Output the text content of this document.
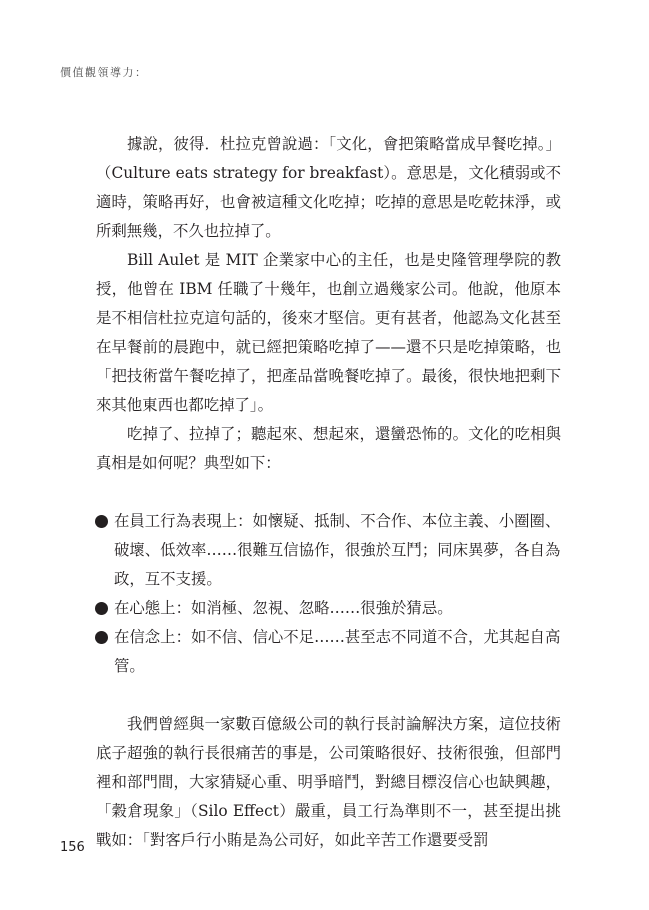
價值觀領導力：

據說，彼得．杜拉克曾說過：「文化，會把策略當成早餐吃掉。」（Culture eats strategy for breakfast）。意思是，文化積弱或不適時，策略再好，也會被這種文化吃掉；吃掉的意思是吃乾抹淨，或所剩無幾，不久也拉掉了。

Bill Aulet 是 MIT 企業家中心的主任，也是史隆管理學院的教授，他曾在 IBM 任職了十幾年，也創立過幾家公司。他說，他原本是不相信杜拉克這句話的，後來才堅信。更有甚者，他認為文化甚至在早餐前的晨跑中，就已經把策略吃掉了——還不只是吃掉策略，也「把技術當午餐吃掉了，把產品當晚餐吃掉了。最後，很快地把剩下來其他東西也都吃掉了」。

吃掉了、拉掉了；聽起來、想起來，還蠻恐怖的。文化的吃相與真相是如何呢？典型如下：

在員工行為表現上：如懷疑、抵制、不合作、本位主義、小圈圈、破壞、低效率……很難互信協作，很強於互鬥；同床異夢，各自為政，互不支援。
在心態上：如消極、忽視、忽略……很強於猜忌。
在信念上：如不信、信心不足……甚至志不同道不合，尤其起自高管。

我們曾經與一家數百億級公司的執行長討論解決方案，這位技術底子超強的執行長很痛苦的事是，公司策略很好、技術很強，但部門裡和部門間，大家猜疑心重、明爭暗鬥，對總目標沒信心也缺興趣，「穀倉現象」（Silo Effect）嚴重，員工行為準則不一，甚至提出挑戰如：「對客戶行小賄是為公司好，如此辛苦工作還要受罰

156
